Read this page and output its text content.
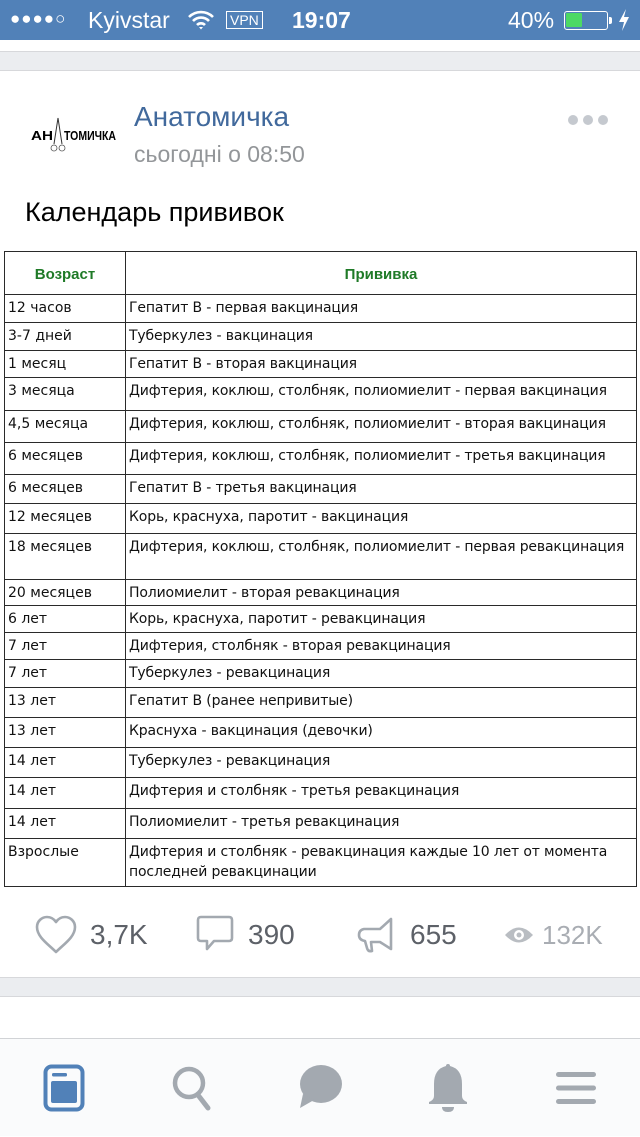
●●●●○ Kyivstar	VPN 19:07	40%
АН ТОМИЧКА
Анатомичка
сьогодні о 08:50
Календарь прививок
Возраст	Прививка
12 часов	Гепатит В - первая вакцинация
3-7 дней	Туберкулез - вакцинация
1 месяц	Гепатит В - вторая вакцинация
3 месяца	Дифтерия, коклюш, столбняк, полиомиелит - первая вакцинация
4,5 месяца	Дифтерия, коклюш, столбняк, полиомиелит - вторая вакцинация
6 месяцев	Дифтерия, коклюш, столбняк, полиомиелит - третья вакцинация
6 месяцев	Гепатит В - третья вакцинация
12 месяцев	Корь, краснуха, паротит - вакцинация
18 месяцев	Дифтерия, коклюш, столбняк, полиомиелит - первая ревакцинация
20 месяцев	Полиомиелит - вторая ревакцинация
6 лет	Корь, краснуха, паротит - ревакцинация
7 лет	Дифтерия, столбняк - вторая ревакцинация
7 лет	Туберкулез - ревакцинация
13 лет	Гепатит В (ранее непривитые)
13 лет	Краснуха - вакцинация (девочки)
14 лет	Туберкулез - ревакцинация
14 лет	Дифтерия и столбняк - третья ревакцинация
14 лет	Полиомиелит - третья ревакцинация
Взрослые	Дифтерия и столбняк - ревакцинация каждые 10 лет от момента последней ревакцинации
3,7K	390	655	132K
